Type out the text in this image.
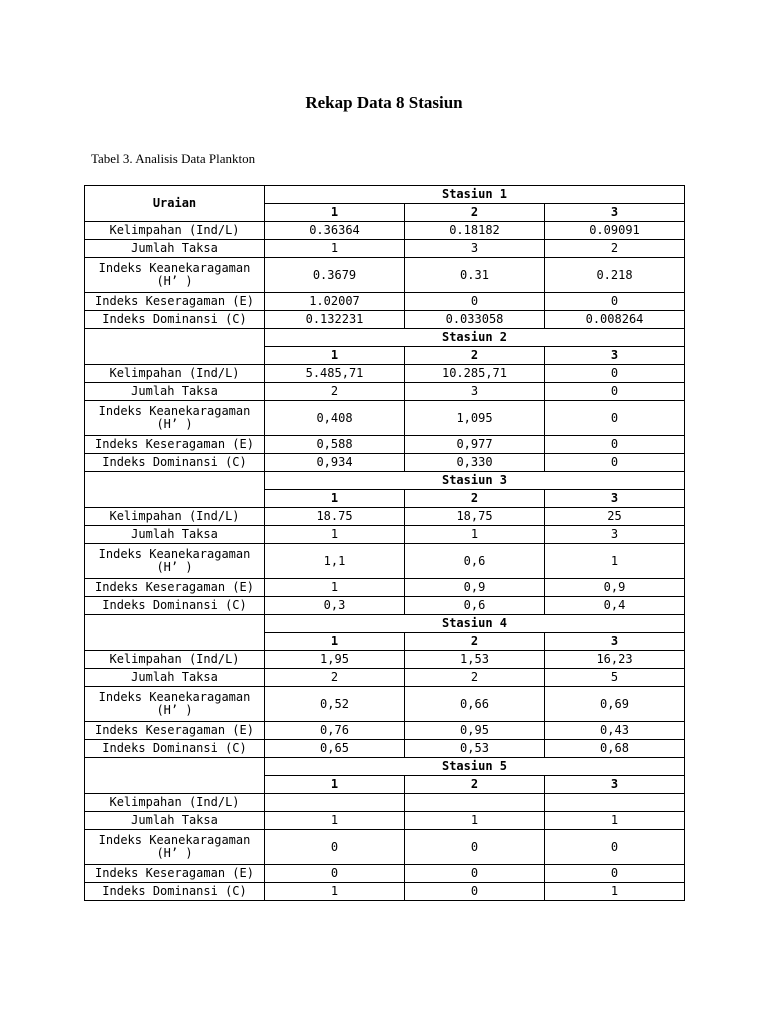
Rekap Data 8 Stasiun
Tabel 3. Analisis Data Plankton
Uraian	Stasiun 1		
	1	2	3
Kelimpahan (Ind/L)	0.36364	0.18182	0.09091
Jumlah Taksa	1	3	2
Indeks Keanekaragaman (H’ )	0.3679	0.31	0.218
Indeks Keseragaman (E)	1.02007	0	0
Indeks Dominansi (C)	0.132231	0.033058	0.008264
	Stasiun 2		
	1	2	3
Kelimpahan (Ind/L)	5.485,71	10.285,71	0
Jumlah Taksa	2	3	0
Indeks Keanekaragaman (H’ )	0,408	1,095	0
Indeks Keseragaman (E)	0,588	0,977	0
Indeks Dominansi (C)	0,934	0,330	0
	Stasiun 3		
	1	2	3
Kelimpahan (Ind/L)	18.75	18,75	25
Jumlah Taksa	1	1	3
Indeks Keanekaragaman (H’ )	1,1	0,6	1
Indeks Keseragaman (E)	1	0,9	0,9
Indeks Dominansi (C)	0,3	0,6	0,4
	Stasiun 4		
	1	2	3
Kelimpahan (Ind/L)	1,95	1,53	16,23
Jumlah Taksa	2	2	5
Indeks Keanekaragaman (H’ )	0,52	0,66	0,69
Indeks Keseragaman (E)	0,76	0,95	0,43
Indeks Dominansi (C)	0,65	0,53	0,68
	Stasiun 5		
	1	2	3
Kelimpahan (Ind/L)			
Jumlah Taksa	1	1	1
Indeks Keanekaragaman (H’ )	0	0	0
Indeks Keseragaman (E)	0	0	0
Indeks Dominansi (C)	1	0	1
